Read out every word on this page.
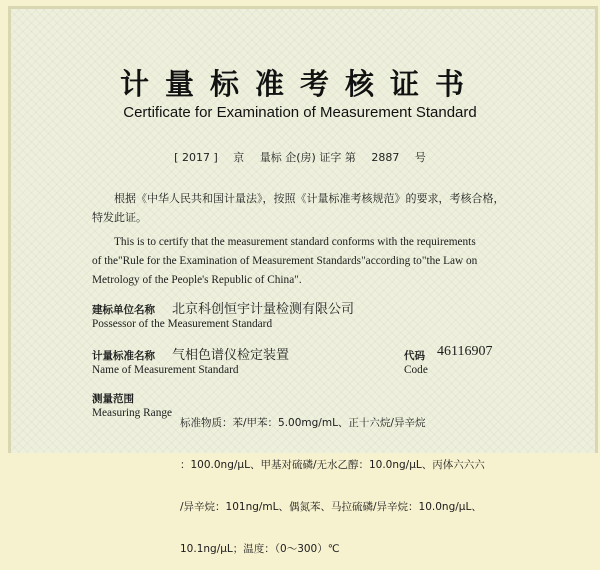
计量标准考核证书
Certificate for Examination of Measurement Standard
[ 2017 ] 京 量标 企(房) 证字 第 2887 号
根据《中华人民共和国计量法》，按照《计量标准考核规范》的要求，考核合格，特发此证。
This is to certify that the measurement standard conforms with the requirements
of the"Rule for the Examination of Measurement Standards"according to"the Law on
Metrology of the People's Republic of China".
建标单位名称 北京科创恒宇计量检测有限公司
Possessor of the Measurement Standard
计量标准名称 气相色谱仪检定装置
Name of Measurement Standard
代码 46116907
Code
测量范围
Measuring Range

标准物质：苯/甲苯：5.00mg/mL、正十六烷/异辛烷

：100.0ng/μL、甲基对硫磷/无水乙醇：10.0ng/μL、丙体六六六

/异辛烷：101ng/mL、偶氮苯、马拉硫磷/异辛烷：10.0ng/μL、

10.1ng/μL；温度：（0～300）℃
